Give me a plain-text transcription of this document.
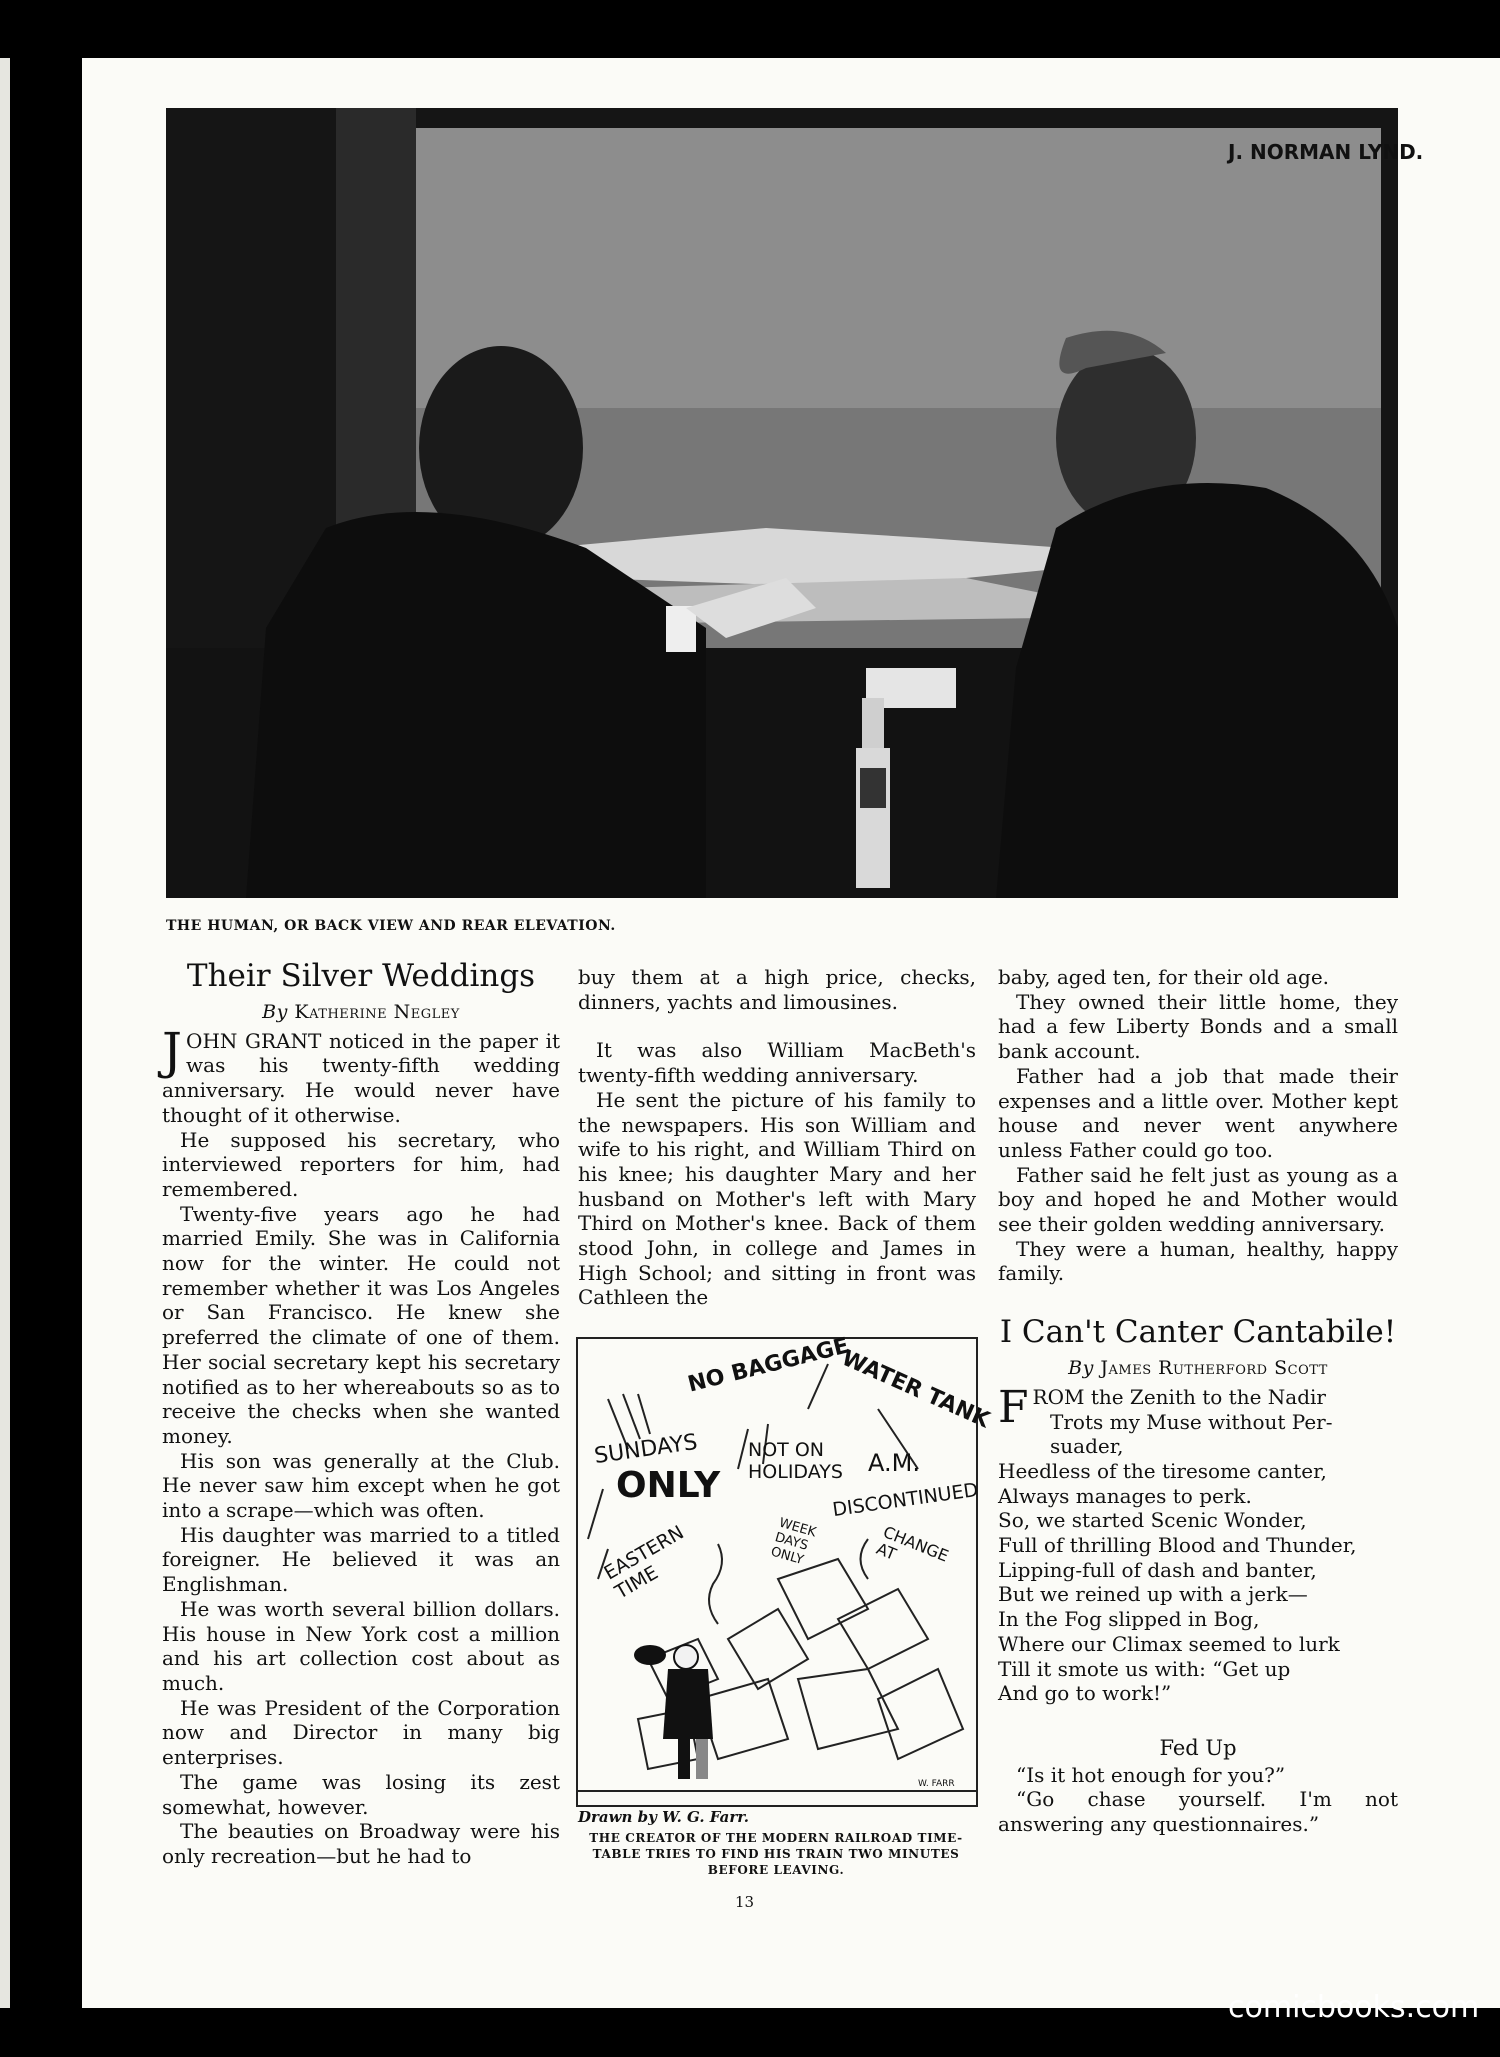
J. NORMAN LYND.
THE HUMAN, OR BACK VIEW AND REAR ELEVATION.
Their Silver Weddings
By Katherine Negley

JOHN GRANT noticed in the paper it was his twenty-fifth wedding anniversary. He would never have thought of it otherwise.

He supposed his secretary, who interviewed reporters for him, had remembered.

Twenty-five years ago he had married Emily. She was in California now for the winter. He could not remember whether it was Los Angeles or San Francisco. He knew she preferred the climate of one of them. Her social secretary kept his secretary notified as to her whereabouts so as to receive the checks when she wanted money.

His son was generally at the Club. He never saw him except when he got into a scrape—which was often.

His daughter was married to a titled foreigner. He believed it was an Englishman.

He was worth several billion dollars. His house in New York cost a million and his art collection cost about as much.

He was President of the Corporation now and Director in many big enterprises.

The game was losing its zest somewhat, however.

The beauties on Broadway were his only recreation—but he had to

buy them at a high price, checks, dinners, yachts and limousines.

It was also William MacBeth's twenty-fifth wedding anniversary.

He sent the picture of his family to the newspapers. His son William and wife to his right, and William Third on his knee; his daughter Mary and her husband on Mother's left with Mary Third on Mother's knee. Back of them stood John, in college and James in High School; and sitting in front was Cathleen the

NO BAGGAGE
WATER TANK
SUNDAYS
ONLY
NOT ON HOLIDAYS	A.M.
DISCONTINUED
EASTERN TIME
WEEK DAYS ONLY	CHANGE AT
W. FARR
Drawn by W. G. Farr.
THE CREATOR OF THE MODERN RAILROAD TIME-TABLE TRIES TO FIND HIS TRAIN TWO MINUTES BEFORE LEAVING.

baby, aged ten, for their old age.

They owned their little home, they had a few Liberty Bonds and a small bank account.

Father had a job that made their expenses and a little over. Mother kept house and never went anywhere unless Father could go too.

Father said he felt just as young as a boy and hoped he and Mother would see their golden wedding anniversary.

They were a human, healthy, happy family.

I Can't Canter Cantabile!
By James Rutherford Scott

FROM the Zenith to the Nadir

Trots my Muse without Per-

suader,

Heedless of the tiresome canter,

Always manages to perk.

So, we started Scenic Wonder,

Full of thrilling Blood and Thunder,

Lipping-full of dash and banter,

But we reined up with a jerk—

In the Fog slipped in Bog,

Where our Climax seemed to lurk

Till it smote us with: “Get up

And go to work!”

Fed Up

“Is it hot enough for you?”

“Go chase yourself. I'm not answering any questionnaires.”

13
comicbooks.com
